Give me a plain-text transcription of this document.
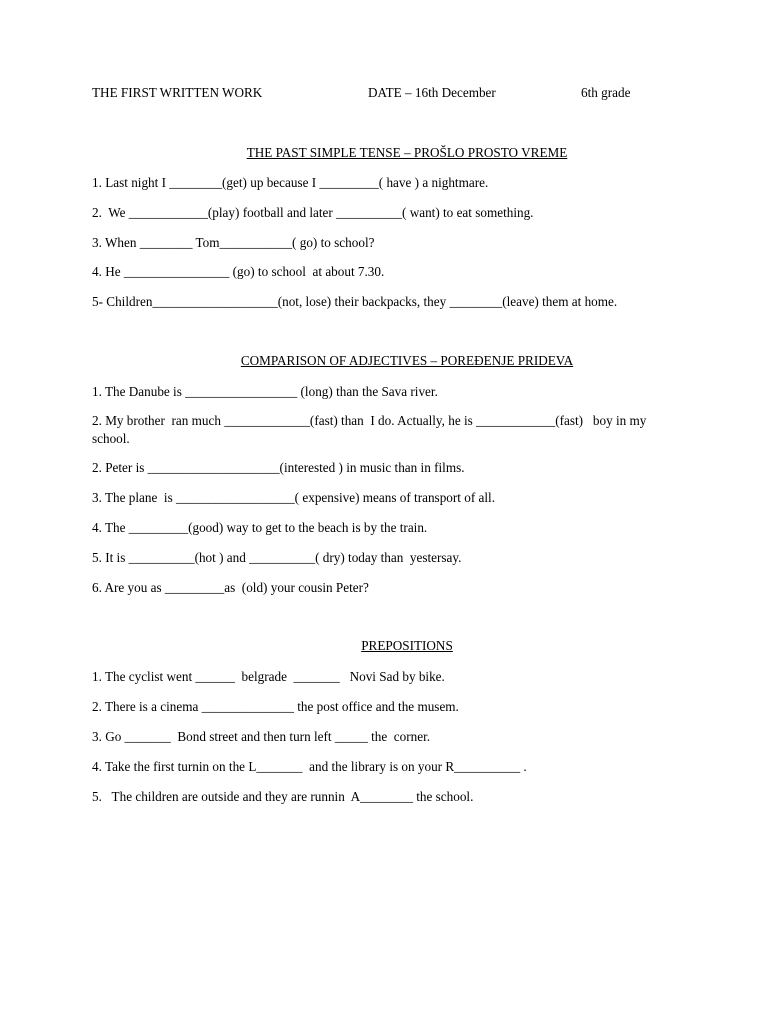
THE FIRST WRITTEN WORK	DATE – 16th December	6th grade
THE PAST SIMPLE TENSE – PROŠLO PROSTO VREME
1. Last night I ________(get) up because I _________( have ) a nightmare.
2.  We ____________(play) football and later __________( want) to eat something.
3. When ________ Tom___________( go) to school?
4. He ________________ (go) to school  at about 7.30.
5- Children___________________(not, lose) their backpacks, they ________(leave) them at home.
COMPARISON OF ADJECTIVES – POREĐENJE PRIDEVA
1. The Danube is _________________ (long) than the Sava river.
2. My brother  ran much _____________(fast) than  I do. Actually, he is ____________(fast)   boy in my school.
2. Peter is ____________________(interested ) in music than in films.
3. The plane  is __________________( expensive) means of transport of all.
4. The _________(good) way to get to the beach is by the train.
5. It is __________(hot ) and __________( dry) today than  yestersay.
6. Are you as _________as  (old) your cousin Peter?
PREPOSITIONS
1. The cyclist went ______  belgrade  _______   Novi Sad by bike.
2. There is a cinema ______________ the post office and the musem.
3. Go _______  Bond street and then turn left _____ the  corner.
4. Take the first turnin on the L_______  and the library is on your R__________ .
5.   The children are outside and they are runnin  A________ the school.
